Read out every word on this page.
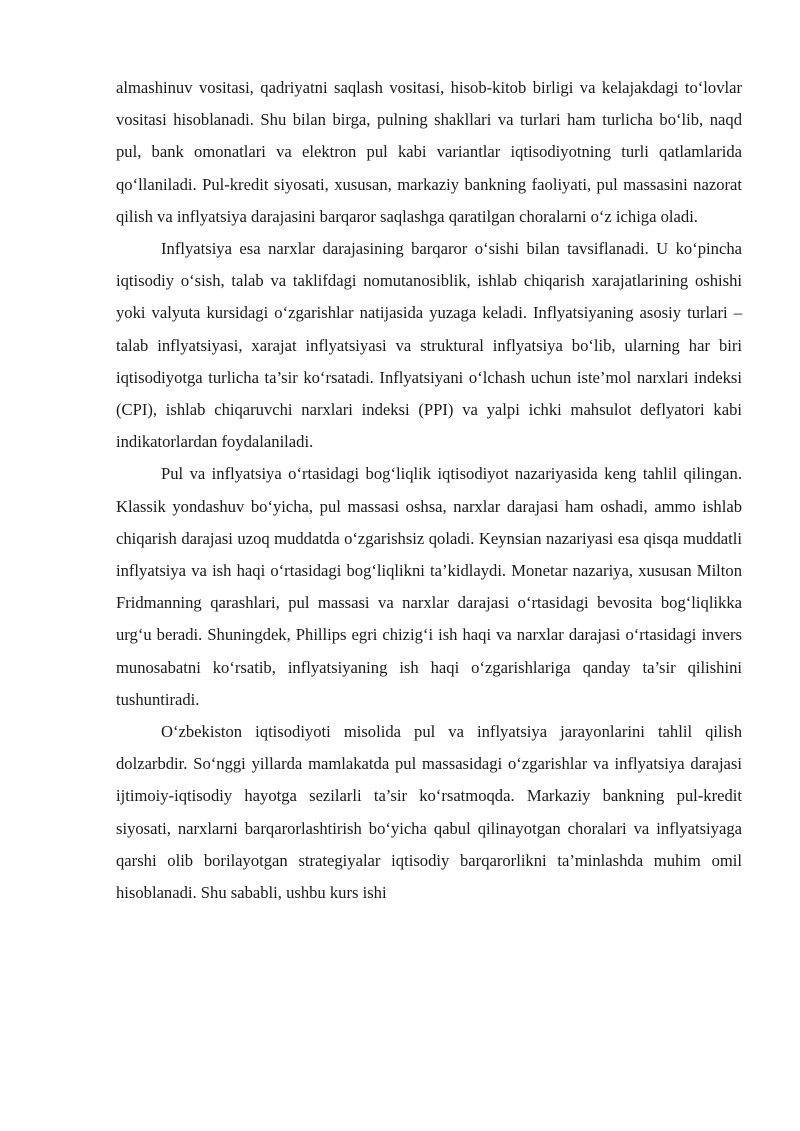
almashinuv vositasi, qadriyatni saqlash vositasi, hisob-kitob birligi va kelajakdagi to‘lovlar vositasi hisoblanadi. Shu bilan birga, pulning shakllari va turlari ham turlicha bo‘lib, naqd pul, bank omonatlari va elektron pul kabi variantlar iqtisodiyotning turli qatlamlarida qo‘llaniladi. Pul-kredit siyosati, xususan, markaziy bankning faoliyati, pul massasini nazorat qilish va inflyatsiya darajasini barqaror saqlashga qaratilgan choralarni o‘z ichiga oladi.

Inflyatsiya esa narxlar darajasining barqaror o‘sishi bilan tavsiflanadi. U ko‘pincha iqtisodiy o‘sish, talab va taklifdagi nomutanosiblik, ishlab chiqarish xarajatlarining oshishi yoki valyuta kursidagi o‘zgarishlar natijasida yuzaga keladi. Inflyatsiyaning asosiy turlari – talab inflyatsiyasi, xarajat inflyatsiyasi va struktural inflyatsiya bo‘lib, ularning har biri iqtisodiyotga turlicha ta’sir ko‘rsatadi. Inflyatsiyani o‘lchash uchun iste’mol narxlari indeksi (CPI), ishlab chiqaruvchi narxlari indeksi (PPI) va yalpi ichki mahsulot deflyatori kabi indikatorlardan foydalaniladi.

Pul va inflyatsiya o‘rtasidagi bog‘liqlik iqtisodiyot nazariyasida keng tahlil qilingan. Klassik yondashuv bo‘yicha, pul massasi oshsa, narxlar darajasi ham oshadi, ammo ishlab chiqarish darajasi uzoq muddatda o‘zgarishsiz qoladi. Keynsian nazariyasi esa qisqa muddatli inflyatsiya va ish haqi o‘rtasidagi bog‘liqlikni ta’kidlaydi. Monetar nazariya, xususan Milton Fridmanning qarashlari, pul massasi va narxlar darajasi o‘rtasidagi bevosita bog‘liqlikka urg‘u beradi. Shuningdek, Phillips egri chizig‘i ish haqi va narxlar darajasi o‘rtasidagi invers munosabatni ko‘rsatib, inflyatsiyaning ish haqi o‘zgarishlariga qanday ta’sir qilishini tushuntiradi.

O‘zbekiston iqtisodiyoti misolida pul va inflyatsiya jarayonlarini tahlil qilish dolzarbdir. So‘nggi yillarda mamlakatda pul massasidagi o‘zgarishlar va inflyatsiya darajasi ijtimoiy-iqtisodiy hayotga sezilarli ta’sir ko‘rsatmoqda. Markaziy bankning pul-kredit siyosati, narxlarni barqarorlashtirish bo‘yicha qabul qilinayotgan choralari va inflyatsiyaga qarshi olib borilayotgan strategiyalar iqtisodiy barqarorlikni ta’minlashda muhim omil hisoblanadi. Shu sababli, ushbu kurs ishi
